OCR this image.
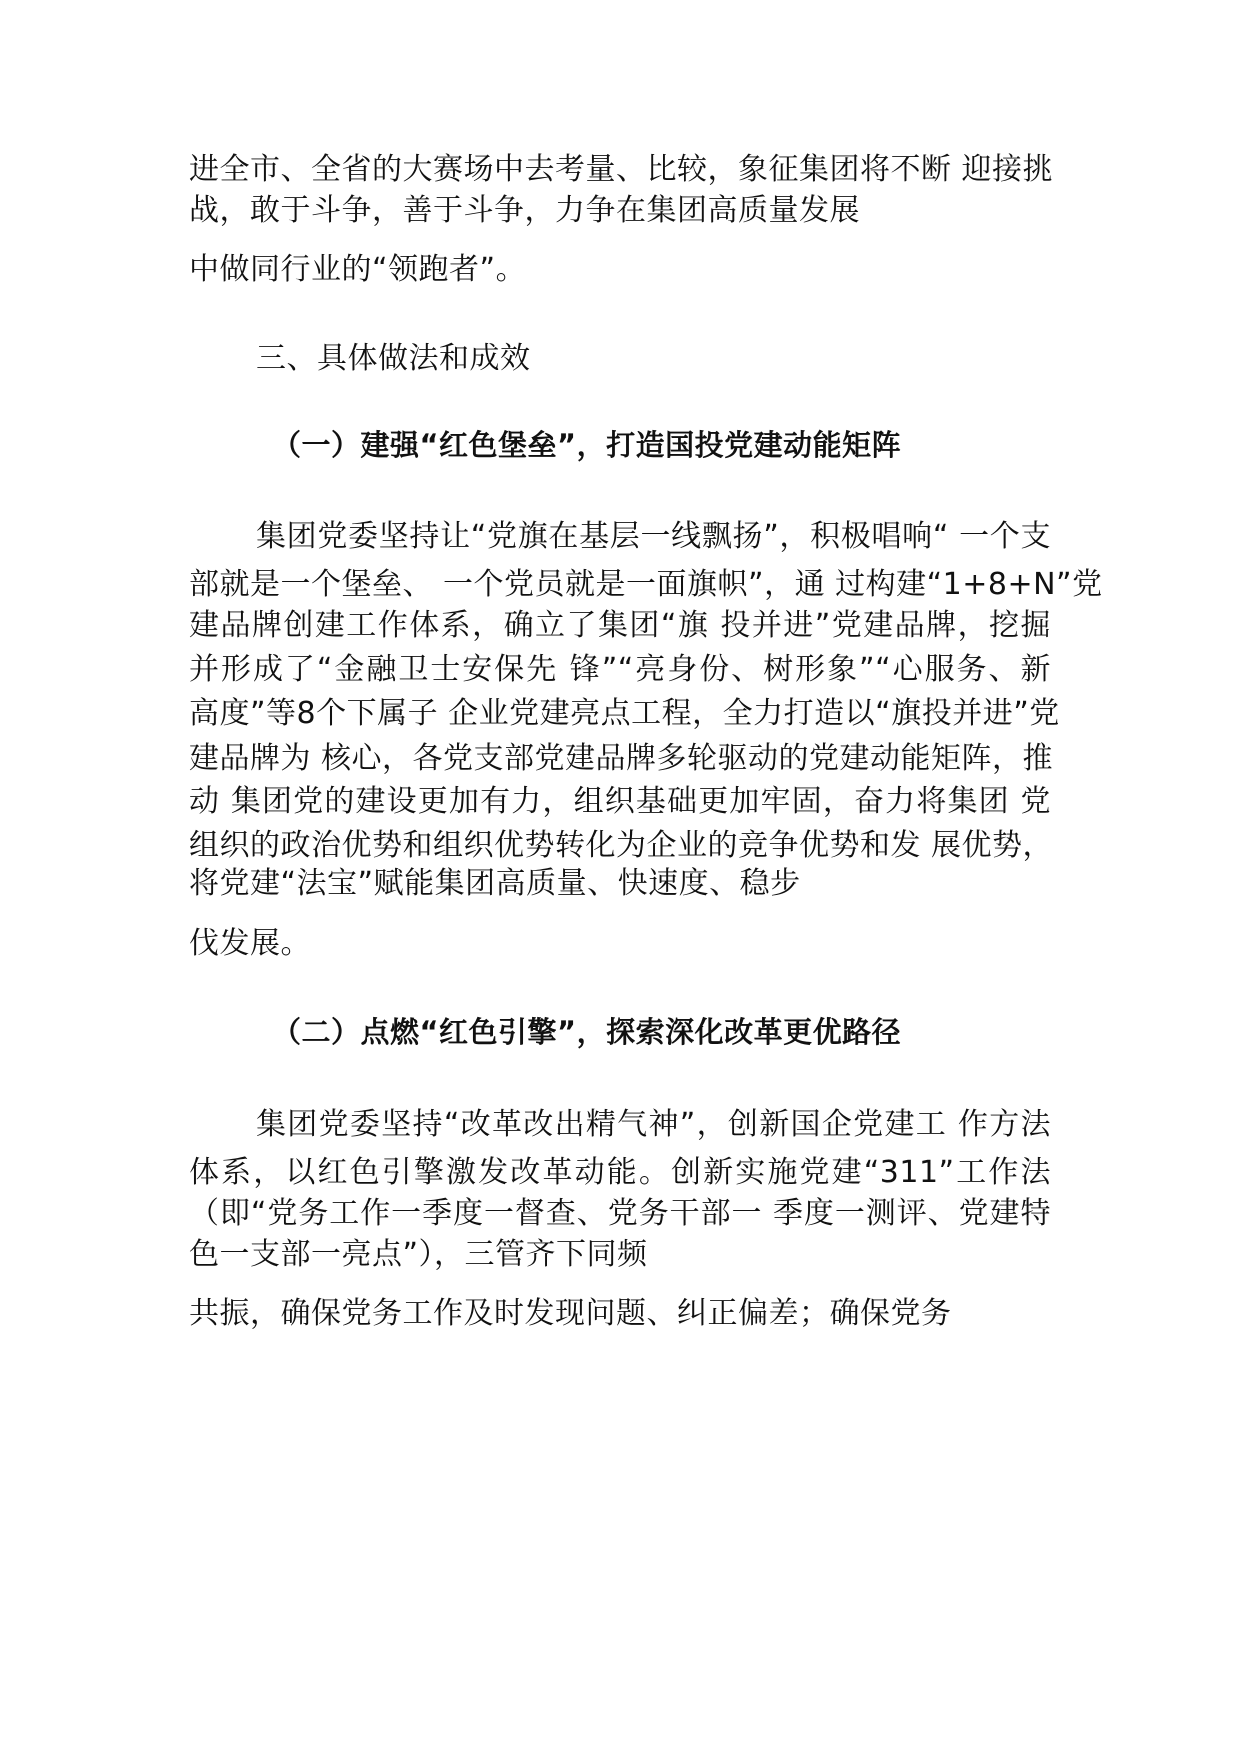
进全市、全省的大赛场中去考量、比较，象征集团将不断 迎接挑
战，敢于斗争，善于斗争，力争在集团高质量发展
中做同行业的“领跑者”。
三、具体做法和成效
（一）建强“红色堡垒”，打造国投党建动能矩阵
集团党委坚持让“党旗在基层一线飘扬”，积极唱响“ 一个支
部就是一个堡垒、 一个党员就是一面旗帜”，通 过构建“1+8+N”党
建品牌创建工作体系，确立了集团“旗 投并进”党建品牌，挖掘
并形成了“金融卫士安保先 锋”“亮身份、树形象”“心服务、新
高度”等8个下属子 企业党建亮点工程，全力打造以“旗投并进”党
建品牌为 核心，各党支部党建品牌多轮驱动的党建动能矩阵，推
动 集团党的建设更加有力，组织基础更加牢固，奋力将集团 党
组织的政治优势和组织优势转化为企业的竞争优势和发 展优势，
将党建“法宝”赋能集团高质量、快速度、稳步
伐发展。
（二）点燃“红色引擎”，探索深化改革更优路径
集团党委坚持“改革改出精气神”，创新国企党建工 作方法
体系，以红色引擎激发改革动能。创新实施党建“311”工作法
（即“党务工作一季度一督查、党务干部一 季度一测评、党建特
色一支部一亮点”），三管齐下同频
共振，确保党务工作及时发现问题、纠正偏差；确保党务
